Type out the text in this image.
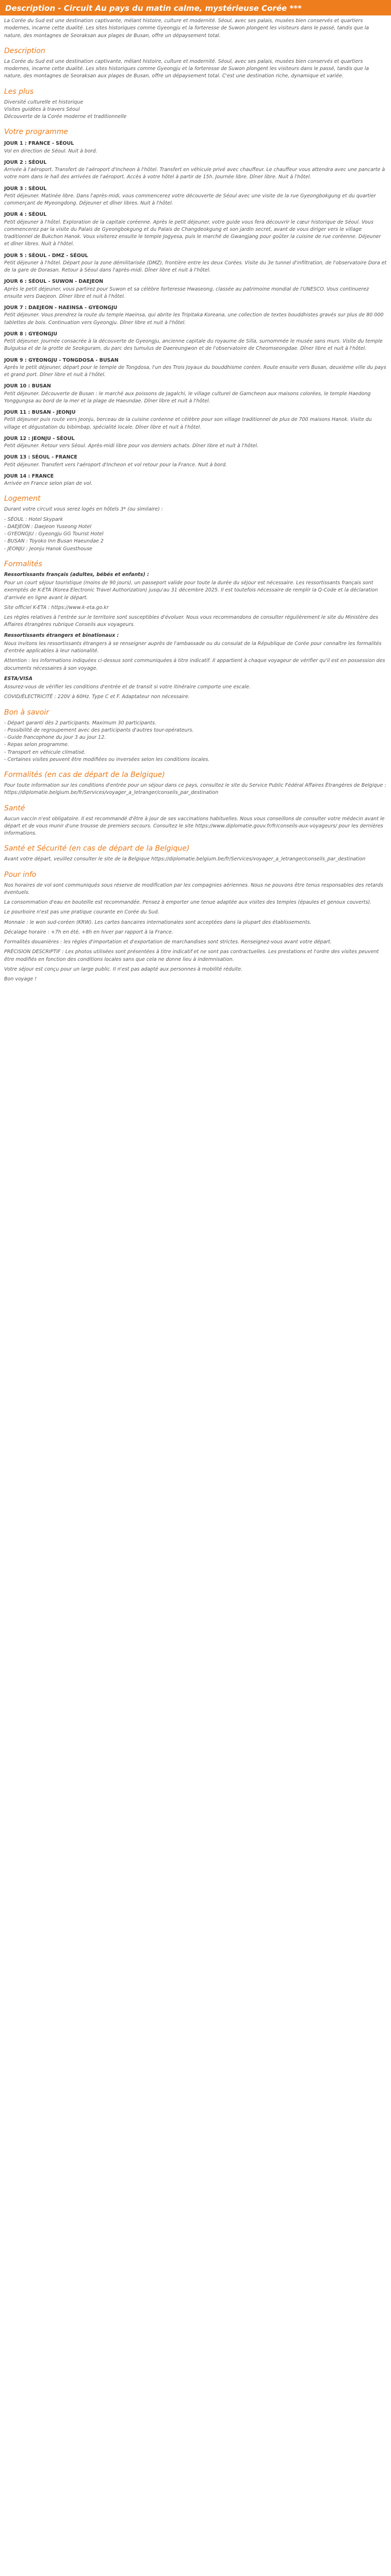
Description - Circuit Au pays du matin calme, mystérieuse Corée ***

La Corée du Sud est une destination captivante, mélant histoire, culture et modernité. Séoul, avec ses palais, musées bien conservés et quartiers modernes, incarne cette dualité. Les sites historiques comme Gyeongju et la forteresse de Suwon plongent les visiteurs dans le passé, tandis que la nature, des montagnes de Seoraksan aux plages de Busan, offre un dépaysement total.

Description

La Corée du Sud est une destination captivante, mêlant histoire, culture et modernité. Séoul, avec ses palais, musées bien conservés et quartiers modernes, incarne cette dualité. Les sites historiques comme Gyeongju et la forteresse de Suwon plongent les visiteurs dans le passé, tandis que la nature, des montagnes de Seoraksan aux plages de Busan, offre un dépaysement total. C'est une destination riche, dynamique et variée.

Les plus

Diversité culturelle et historique

Visites guidées à travers Séoul

Découverte de la Corée moderne et traditionnelle

Votre programme
JOUR 1 : FRANCE - SÉOUL

Vol en direction de Séoul. Nuit à bord.

JOUR 2 : SÉOUL

Arrivée à l'aéroport. Transfert de l'aéroport d'Incheon à l'hôtel. Transfert en véhicule privé avec chauffeur. Le chauffeur vous attendra avec une pancarte à votre nom dans le hall des arrivées de l'aéroport. Accès à votre hôtel à partir de 15h. Journée libre. Dîner libre. Nuit à l'hôtel.

JOUR 3 : SÉOUL

Petit déjeuner. Matinée libre. Dans l'après-midi, vous commencerez votre découverte de Séoul avec une visite de la rue Gyeongbokgung et du quartier commerçant de Myeongdong. Déjeuner et dîner libres. Nuit à l'hôtel.

JOUR 4 : SÉOUL

Petit déjeuner à l'hôtel. Exploration de la capitale coréenne. Après le petit déjeuner, votre guide vous fera découvrir le cœur historique de Séoul. Vous commencerez par la visite du Palais de Gyeongbokgung et du Palais de Changdeokgung et son jardin secret, avant de vous diriger vers le village traditionnel de Bukchon Hanok. Vous visiterez ensuite le temple Jogyesa, puis le marché de Gwangjang pour goûter la cuisine de rue coréenne. Déjeuner et dîner libres. Nuit à l'hôtel.

JOUR 5 : SÉOUL - DMZ - SÉOUL

Petit déjeuner à l'hôtel. Départ pour la zone démilitarisée (DMZ), frontière entre les deux Corées. Visite du 3e tunnel d'infiltration, de l'observatoire Dora et de la gare de Dorasan. Retour à Séoul dans l'après-midi. Dîner libre et nuit à l'hôtel.

JOUR 6 : SÉOUL - SUWON - DAEJEON

Après le petit déjeuner, vous partirez pour Suwon et sa célèbre forteresse Hwaseong, classée au patrimoine mondial de l'UNESCO. Vous continuerez ensuite vers Daejeon. Dîner libre et nuit à l'hôtel.

JOUR 7 : DAEJEON - HAEINSA - GYEONGJU

Petit déjeuner. Vous prendrez la route du temple Haeinsa, qui abrite les Tripitaka Koreana, une collection de textes bouddhistes gravés sur plus de 80 000 tablettes de bois. Continuation vers Gyeongju. Dîner libre et nuit à l'hôtel.

JOUR 8 : GYEONGJU

Petit déjeuner. Journée consacrée à la découverte de Gyeongju, ancienne capitale du royaume de Silla, surnommée le musée sans murs. Visite du temple Bulguksa et de la grotte de Seokguram, du parc des tumulus de Daereungwon et de l'observatoire de Cheomseongdae. Dîner libre et nuit à l'hôtel.

JOUR 9 : GYEONGJU - TONGDOSA - BUSAN

Après le petit déjeuner, départ pour le temple de Tongdosa, l'un des Trois Joyaux du bouddhisme coréen. Route ensuite vers Busan, deuxième ville du pays et grand port. Dîner libre et nuit à l'hôtel.

JOUR 10 : BUSAN

Petit déjeuner. Découverte de Busan : le marché aux poissons de Jagalchi, le village culturel de Gamcheon aux maisons colorées, le temple Haedong Yonggungsa au bord de la mer et la plage de Haeundae. Dîner libre et nuit à l'hôtel.

JOUR 11 : BUSAN - JEONJU

Petit déjeuner puis route vers Jeonju, berceau de la cuisine coréenne et célèbre pour son village traditionnel de plus de 700 maisons Hanok. Visite du village et dégustation du bibimbap, spécialité locale. Dîner libre et nuit à l'hôtel.

JOUR 12 : JEONJU - SÉOUL

Petit déjeuner. Retour vers Séoul. Après-midi libre pour vos derniers achats. Dîner libre et nuit à l'hôtel.

JOUR 13 : SÉOUL - FRANCE

Petit déjeuner. Transfert vers l'aéroport d'Incheon et vol retour pour la France. Nuit à bord.

JOUR 14 : FRANCE

Arrivée en France selon plan de vol.

Logement

Durant votre circuit vous serez logés en hôtels 3* (ou similaire) :

- SÉOUL : Hotel Skypark

- DAEJEON : Daejeon Yuseong Hotel

- GYEONGJU : Gyeongju GG Tourist Hotel

- BUSAN : Toyoko Inn Busan Haeundae 2

- JEONJU : Jeonju Hanok Guesthouse

Formalités

Ressortissants français (adultes, bébés et enfants) :

Pour un court séjour touristique (moins de 90 jours), un passeport valide pour toute la durée du séjour est nécessaire. Les ressortissants français sont exemptés de K-ETA (Korea Electronic Travel Authorization) jusqu'au 31 décembre 2025. Il est toutefois nécessaire de remplir la Q-Code et la déclaration d'arrivée en ligne avant le départ.

Site officiel K-ETA : https://www.k-eta.go.kr

Les règles relatives à l'entrée sur le territoire sont susceptibles d'évoluer. Nous vous recommandons de consulter régulièrement le site du Ministère des Affaires étrangères rubrique Conseils aux voyageurs.

Ressortissants étrangers et binationaux :

Nous invitons les ressortissants étrangers à se renseigner auprès de l'ambassade ou du consulat de la République de Corée pour connaître les formalités d'entrée applicables à leur nationalité.

Attention : les informations indiquées ci-dessus sont communiquées à titre indicatif. Il appartient à chaque voyageur de vérifier qu'il est en possession des documents nécessaires à son voyage.

ESTA/VISA

Assurez-vous de vérifier les conditions d'entrée et de transit si votre itinéraire comporte une escale.

COVID/ÉLECTRICITÉ : 220V à 60Hz. Type C et F. Adaptateur non nécessaire.

Bon à savoir

- Départ garanti dès 2 participants. Maximum 30 participants.

- Possibilité de regroupement avec des participants d'autres tour-opérateurs.

- Guide francophone du jour 3 au jour 12.

- Repas selon programme.

- Transport en véhicule climatisé.

- Certaines visites peuvent être modifiées ou inversées selon les conditions locales.

Formalités (en cas de départ de la Belgique)

Pour toute information sur les conditions d'entrée pour un séjour dans ce pays, consultez le site du Service Public Fédéral Affaires Étrangères de Belgique : https://diplomatie.belgium.be/fr/Services/voyager_a_letranger/conseils_par_destination

Santé

Aucun vaccin n'est obligatoire. Il est recommandé d'être à jour de ses vaccinations habituelles. Nous vous conseillons de consulter votre médecin avant le départ et de vous munir d'une trousse de premiers secours. Consultez le site https://www.diplomatie.gouv.fr/fr/conseils-aux-voyageurs/ pour les dernières informations.

Santé et Sécurité (en cas de départ de la Belgique)

Avant votre départ, veuillez consulter le site de la Belgique https://diplomatie.belgium.be/fr/Services/voyager_a_letranger/conseils_par_destination

Pour info

Nos horaires de vol sont communiqués sous réserve de modification par les compagnies aériennes. Nous ne pouvons être tenus responsables des retards éventuels.

La consommation d'eau en bouteille est recommandée. Pensez à emporter une tenue adaptée aux visites des temples (épaules et genoux couverts).

Le pourboire n'est pas une pratique courante en Corée du Sud.

Monnaie : le won sud-coréen (KRW). Les cartes bancaires internationales sont acceptées dans la plupart des établissements.

Décalage horaire : +7h en été, +8h en hiver par rapport à la France.

Formalités douanières : les règles d'importation et d'exportation de marchandises sont strictes. Renseignez-vous avant votre départ.

PRÉCISION DESCRIPTIF : Les photos utilisées sont présentées à titre indicatif et ne sont pas contractuelles. Les prestations et l'ordre des visites peuvent être modifiés en fonction des conditions locales sans que cela ne donne lieu à indemnisation.

Votre séjour est conçu pour un large public. Il n'est pas adapté aux personnes à mobilité réduite.

Bon voyage !
